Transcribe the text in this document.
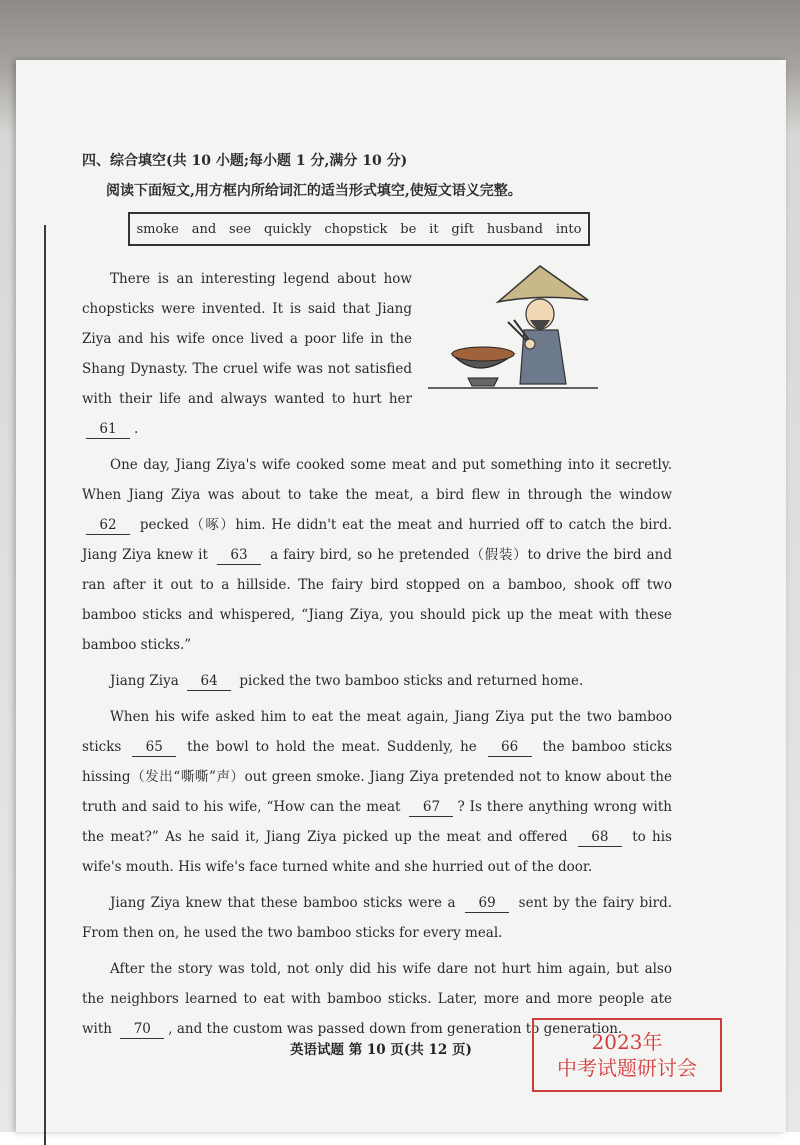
四、综合填空(共 10 小题;每小题 1 分,满分 10 分)
阅读下面短文,用方框内所给词汇的适当形式填空,使短文语义完整。
smoke and see quickly chopstick be it gift husband into

There is an interesting legend about how chopsticks were invented. It is said that Jiang Ziya and his wife once lived a poor life in the Shang Dynasty. The cruel wife was not satisfied with their life and always wanted to hurt her 61 .

One day, Jiang Ziya's wife cooked some meat and put something into it secretly. When Jiang Ziya was about to take the meat, a bird flew in through the window 62 pecked（啄）him. He didn't eat the meat and hurried off to catch the bird. Jiang Ziya knew it 63 a fairy bird, so he pretended（假装）to drive the bird and ran after it out to a hillside. The fairy bird stopped on a bamboo, shook off two bamboo sticks and whispered, “Jiang Ziya, you should pick up the meat with these bamboo sticks.”

Jiang Ziya 64 picked the two bamboo sticks and returned home.

When his wife asked him to eat the meat again, Jiang Ziya put the two bamboo sticks 65 the bowl to hold the meat. Suddenly, he 66 the bamboo sticks hissing（发出“嘶嘶”声）out green smoke. Jiang Ziya pretended not to know about the truth and said to his wife, “How can the meat 67 ? Is there anything wrong with the meat?” As he said it, Jiang Ziya picked up the meat and offered 68 to his wife's mouth. His wife's face turned white and she hurried out of the door.

Jiang Ziya knew that these bamboo sticks were a 69 sent by the fairy bird. From then on, he used the two bamboo sticks for every meal.

After the story was told, not only did his wife dare not hurt him again, but also the neighbors learned to eat with bamboo sticks. Later, more and more people ate with 70 , and the custom was passed down from generation to generation.

英语试题 第 10 页(共 12 页)	2023年
中考试题研讨会
